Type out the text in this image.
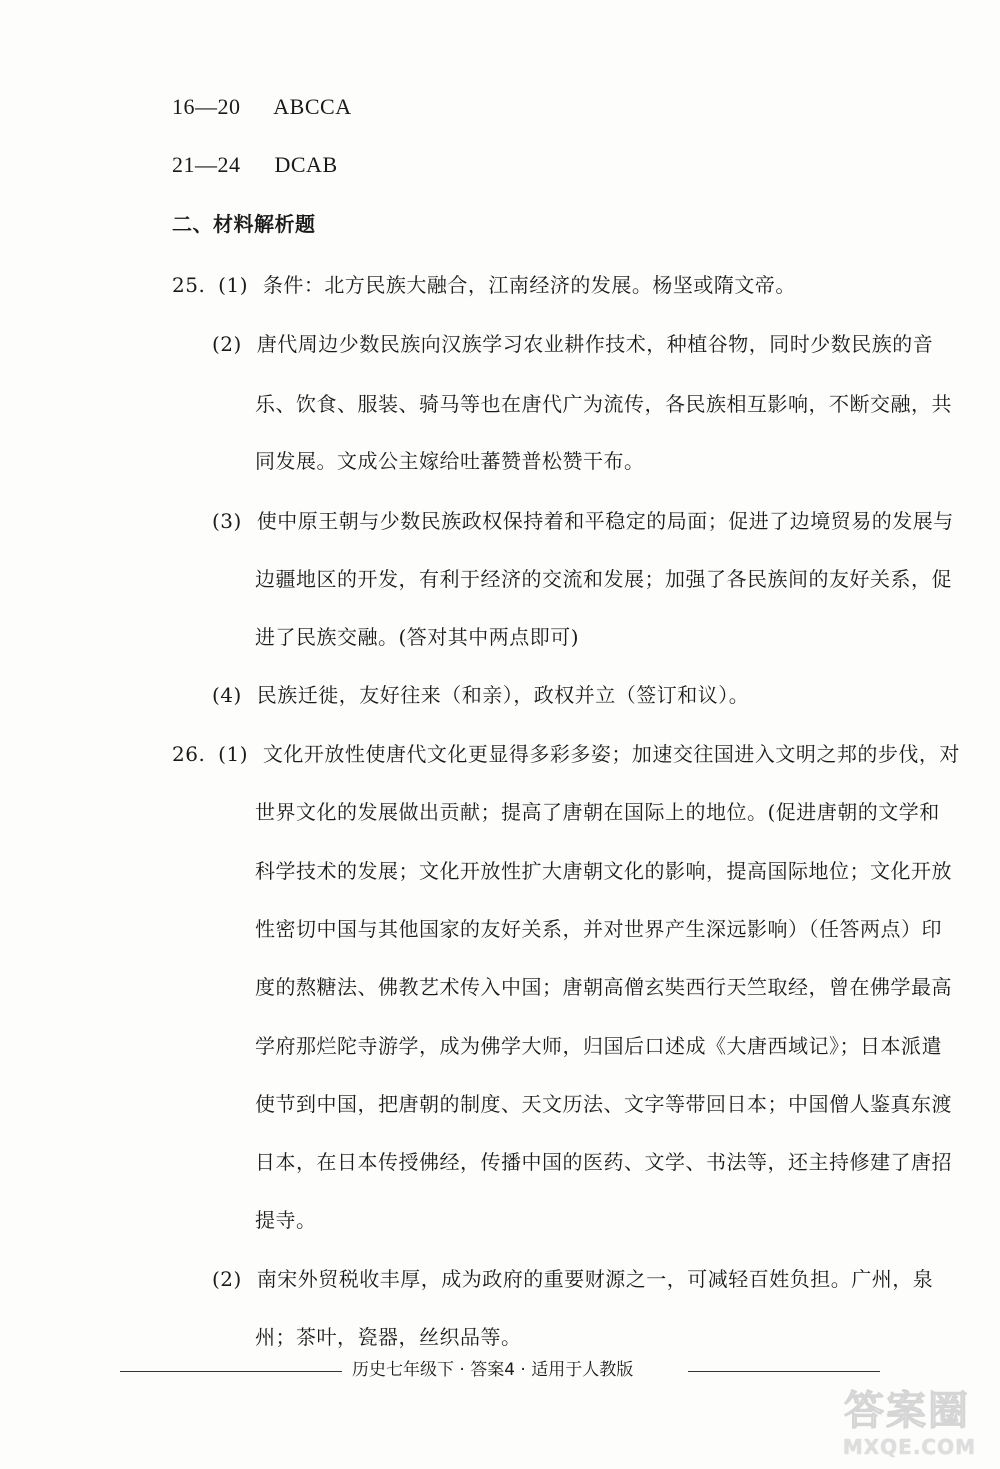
16—20 ABCCA
21—24 DCAB
二、材料解析题
25. (1) 条件：北方民族大融合，江南经济的发展。杨坚或隋文帝。
(2) 唐代周边少数民族向汉族学习农业耕作技术，种植谷物，同时少数民族的音
乐、饮食、服装、骑马等也在唐代广为流传，各民族相互影响，不断交融，共
同发展。文成公主嫁给吐蕃赞普松赞干布。
(3) 使中原王朝与少数民族政权保持着和平稳定的局面；促进了边境贸易的发展与
边疆地区的开发，有利于经济的交流和发展；加强了各民族间的友好关系，促
进了民族交融。(答对其中两点即可)
(4) 民族迁徙，友好往来（和亲），政权并立（签订和议）。
26. (1) 文化开放性使唐代文化更显得多彩多姿；加速交往国进入文明之邦的步伐，对
世界文化的发展做出贡献；提高了唐朝在国际上的地位。(促进唐朝的文学和
科学技术的发展；文化开放性扩大唐朝文化的影响，提高国际地位；文化开放
性密切中国与其他国家的友好关系，并对世界产生深远影响）（任答两点）印
度的熬糖法、佛教艺术传入中国；唐朝高僧玄奘西行天竺取经，曾在佛学最高
学府那烂陀寺游学，成为佛学大师，归国后口述成《大唐西域记》；日本派遣
使节到中国，把唐朝的制度、天文历法、文字等带回日本；中国僧人鉴真东渡
日本，在日本传授佛经，传播中国的医药、文学、书法等，还主持修建了唐招
提寺。
(2) 南宋外贸税收丰厚，成为政府的重要财源之一，可减轻百姓负担。广州，泉
州；茶叶，瓷器，丝织品等。
历史七年级下 · 答案4 · 适用于人教版
答案圈
MXQE.COM
